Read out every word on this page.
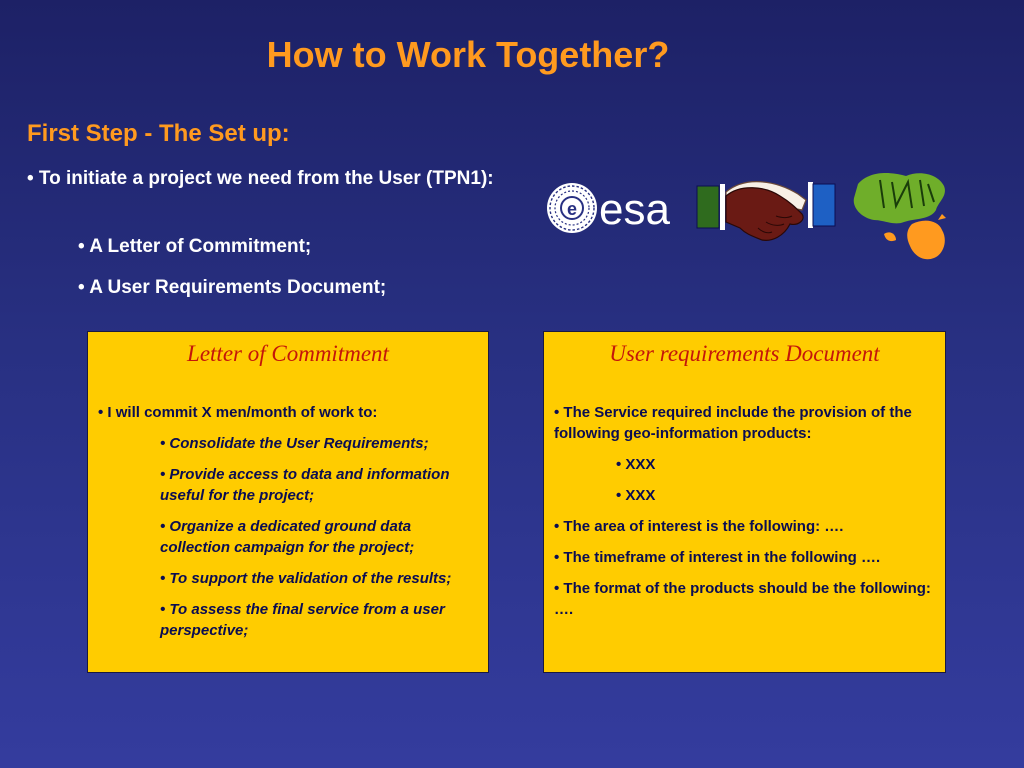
How to Work Together?
First Step - The Set up:
• To initiate a project we need from the User (TPN1):
• A Letter of Commitment;
• A User Requirements Document;
e esa
Letter of Commitment
• I will commit X men/month of work to:
• Consolidate the User Requirements;
• Provide access to data and information useful for the project;
• Organize a dedicated ground data collection campaign for the project;
• To support the validation of the results;
• To assess the final service from a user perspective;
User requirements Document
• The Service required include the provision of the following geo-information products:
• XXX
• XXX
• The area of interest is the following: ….
• The timeframe of interest in the following ….
• The format of the products should be the following: ….
